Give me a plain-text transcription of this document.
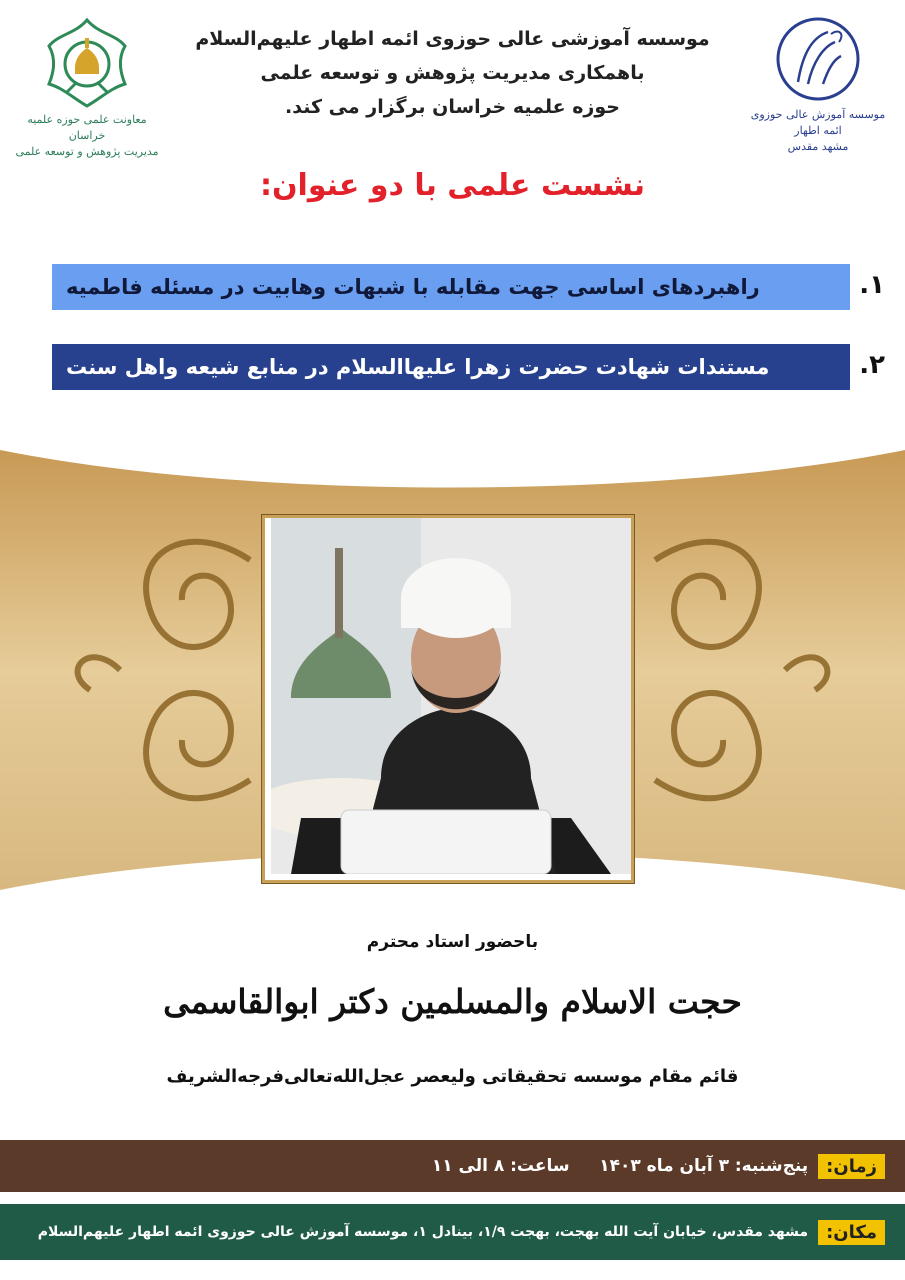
معاونت علمی حوزه علمیه خراسان
مدیریت پژوهش و توسعه علمی
موسسه آموزش عالی حوزوی ائمه اطهار
مشهد مقدس
موسسه آموزشی عالی حوزوی ائمه اطهار علیهم‌السلام
باهمکاری مدیریت پژوهش و توسعه علمی
حوزه علمیه خراسان برگزار می کند.
نشست علمی با دو عنوان:
۱.
راهبردهای اساسی جهت مقابله با شبهات وهابیت در مسئله فاطمیه
۲.
مستندات شهادت حضرت زهرا علیهاالسلام در منابع شیعه واهل سنت
باحضور استاد محترم
حجت الاسلام والمسلمین دکتر ابوالقاسمی
قائم مقام موسسه تحقیقاتی ولیعصر عجل‌الله‌تعالی‌فرجه‌الشریف
زمان:
پنج‌شنبه: ۳ آبان ماه ۱۴۰۳     ساعت: ۸ الی ۱۱
مکان:
مشهد مقدس، خیابان آیت الله بهجت، بهجت ۱/۹، بینادل ۱، موسسه آموزش عالی حوزوی ائمه اطهار علیهم‌السلام
